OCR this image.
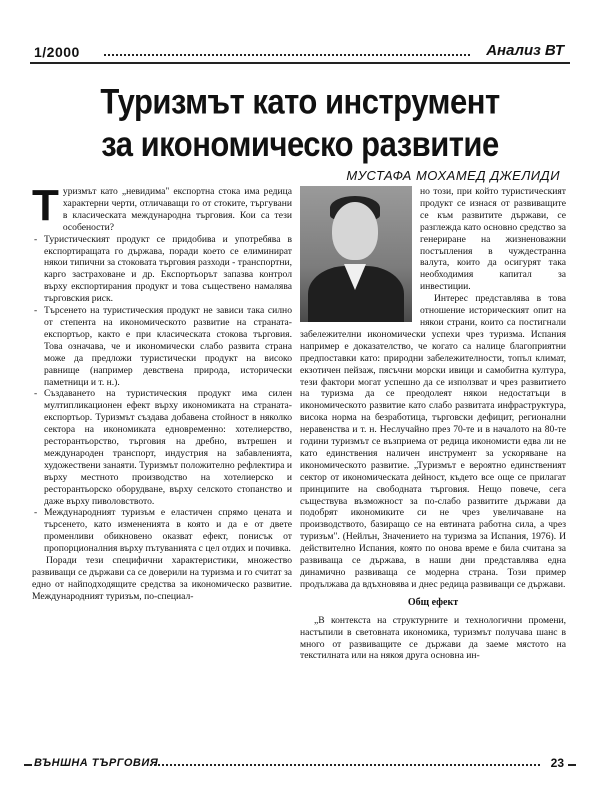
1/2000	Анализ ВТ
Туризмът като инструмент
за икономическо развитие
МУСТАФА МОХАМЕД ДЖЕЛИДИ

Туризмът като „невидима" експортна стока има редица характерни черти, отличаващи го от стоките, търгувани в класическата международна търговия. Кои са тези особености?

- Туристическият продукт се придобива и употребява в експортиращата го държава, поради което се елиминират някои типични за стоковата търговия разходи - транспортни, карго застраховане и др. Експортьорът запазва контрол върху експортирания продукт и това съществено намалява търговския риск.
- Търсенето на туристическия продукт не зависи така силно от степента на икономическото развитие на страната-експортьор, както е при класическата стокова търговия. Това означава, че и икономически слабо развита страна може да предложи туристически продукт на високо равнище (например девствена природа, исторически паметници и т. н.).
- Създаването на туристическия продукт има силен мултипликационен ефект върху икономиката на страната-експортьор. Туризмът създава добавена стойност в няколко сектора на икономиката едновременно: хотелиерство, ресторантьорство, търговия на дребно, вътрешен и международен транспорт, индустрия на забавленията, художествени занаяти. Туризмът положително рефлектира и върху местното производство на хотелиерско и ресторантьорско оборудване, върху селското стопанство и даже върху пиволовството.
- Международният туризъм е еластичен спрямо цената и търсенето, като измененията в която и да е от двете променливи обикновено оказват ефект, понисък от пропорционалния върху пътуванията с цел отдих и почивка.

Поради тези специфични характеристики, множество развиващи се държави са се доверили на туризма и го считат за едно от найподходящите средства за икономическо развитие. Международният туризъм, по-специал-

но този, при който туристическият продукт се изнася от развиващите се към развитите държави, се разглежда като основно средство за генериране на жизненоважни постъпления в чуждестранна валута, които да осигурят така необходимия капитал за инвестиции.

Интерес представлява в това отношение историческият опит на някои страни, които са постигнали забележителни икономически успехи чрез туризма. Испания например е доказателство, че когато са налице благоприятни предпоставки като: природни забележителности, топъл климат, екзотичен пейзаж, пясъчни морски ивици и самобитна култура, тези фактори могат успешно да се използват и чрез развитието на туризма да се преодолеят някои недостатъци в икономическото развитие като слабо развитата инфраструктура, висока норма на безработица, търговски дефицит, регионални неравенства и т. н. Неслучайно през 70-те и в началото на 80-те години туризмът се възприема от редица икономисти едва ли не като единствения наличен инструмент за ускоряване на икономическото развитие. „Туризмът е вероятно единственият сектор от икономическата дейност, където все още се прилагат принципите на свободната търговия. Нещо повече, сега съществува възможност за по-слабо развитите държави да подобрят икономиките си не чрез увеличаване на производството, базиращо се на евтината работна сила, а чрез туризъм". (Нейлън, Значението на туризма за Испания, 1976). И действително Испания, която по онова време е била считана за развиваща се държава, в наши дни представлява една динамично развиваща се модерна страна. Този пример продължава да вдъхновява и днес редица развиващи се държави.

Общ ефект

„В контекста на структурните и технологични промени, настъпили в световната икономика, туризмът получава шанс в много от развиващите се държави да заеме мястото на текстилната или на някоя друга основна ин-

ВЪНШНА ТЪРГОВИЯ	23
